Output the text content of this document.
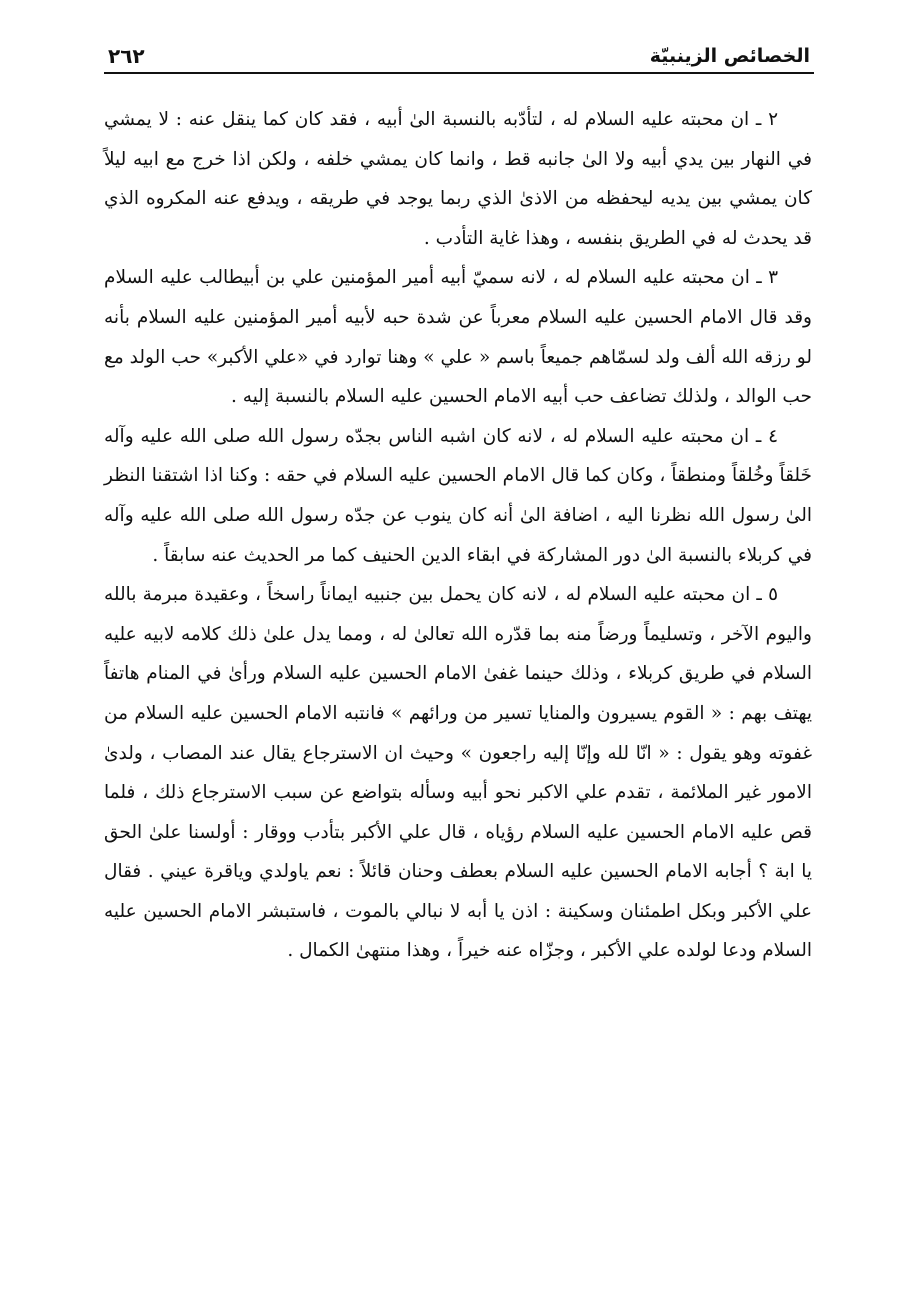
الخصائص الزينبيّة
٢٦٢

٢ ـ ان محبته عليه السلام له ، لتأدّبه بالنسبة الىٰ أبيه ، فقد كان كما ينقل عنه : لا يمشي في النهار بين يدي أبيه ولا الىٰ جانبه قط ، وانما كان يمشي خلفه ، ولكن اذا خرج مع ابيه ليلاً كان يمشي بين يديه ليحفظه من الاذىٰ الذي ربما يوجد في طريقه ، ويدفع عنه المكروه الذي قد يحدث له في الطريق بنفسه ، وهذا غاية التأدب .

٣ ـ ان محبته عليه السلام له ، لانه سميّ أبيه أمير المؤمنين علي بن أبيطالب عليه السلام وقد قال الامام الحسين عليه السلام معرباً عن شدة حبه لأبيه أمير المؤمنين عليه السلام بأنه لو رزقه الله ألف ولد لسمّاهم جميعاً باسم « علي » وهنا توارد في «علي الأكبر» حب الولد مع حب الوالد ، ولذلك تضاعف حب أبيه الامام الحسين عليه السلام بالنسبة إليه .

٤ ـ ان محبته عليه السلام له ، لانه كان اشبه الناس بجدّه رسول الله صلى الله عليه وآله خَلقاً وخُلقاً ومنطقاً ، وكان كما قال الامام الحسين عليه السلام في حقه : وكنا اذا اشتقنا النظر الىٰ رسول الله نظرنا اليه ، اضافة الىٰ أنه كان ينوب عن جدّه رسول الله صلى الله عليه وآله في كربلاء بالنسبة الىٰ دور المشاركة في ابقاء الدين الحنيف كما مر الحديث عنه سابقاً .

٥ ـ ان محبته عليه السلام له ، لانه كان يحمل بين جنبيه ايماناً راسخاً ، وعقيدة مبرمة بالله واليوم الآخر ، وتسليماً ورضاً منه بما قدّره الله تعالىٰ له ، ومما يدل علىٰ ذلك كلامه لابيه عليه السلام في طريق كربلاء ، وذلك حينما غفىٰ الامام الحسين عليه السلام ورأىٰ في المنام هاتفاً يهتف بهم : « القوم يسيرون والمنايا تسير من ورائهم » فانتبه الامام الحسين عليه السلام من غفوته وهو يقول : « انّا لله وإنّا إليه راجعون » وحيث ان الاسترجاع يقال عند المصاب ، ولدىٰ الامور غير الملائمة ، تقدم علي الاكبر نحو أبيه وسأله بتواضع عن سبب الاسترجاع ذلك ، فلما قص عليه الامام الحسين عليه السلام رؤياه ، قال علي الأكبر بتأدب ووقار : أولسنا علىٰ الحق يا ابة ؟ أجابه الامام الحسين عليه السلام بعطف وحنان قائلاً : نعم ياولدي وياقرة عيني . فقال علي الأكبر وبكل اطمئنان وسكينة : اذن يا أبه لا نبالي بالموت ، فاستبشر الامام الحسين عليه السلام ودعا لولده علي الأكبر ، وجزّاه عنه خيراً ، وهذا منتهىٰ الكمال .
